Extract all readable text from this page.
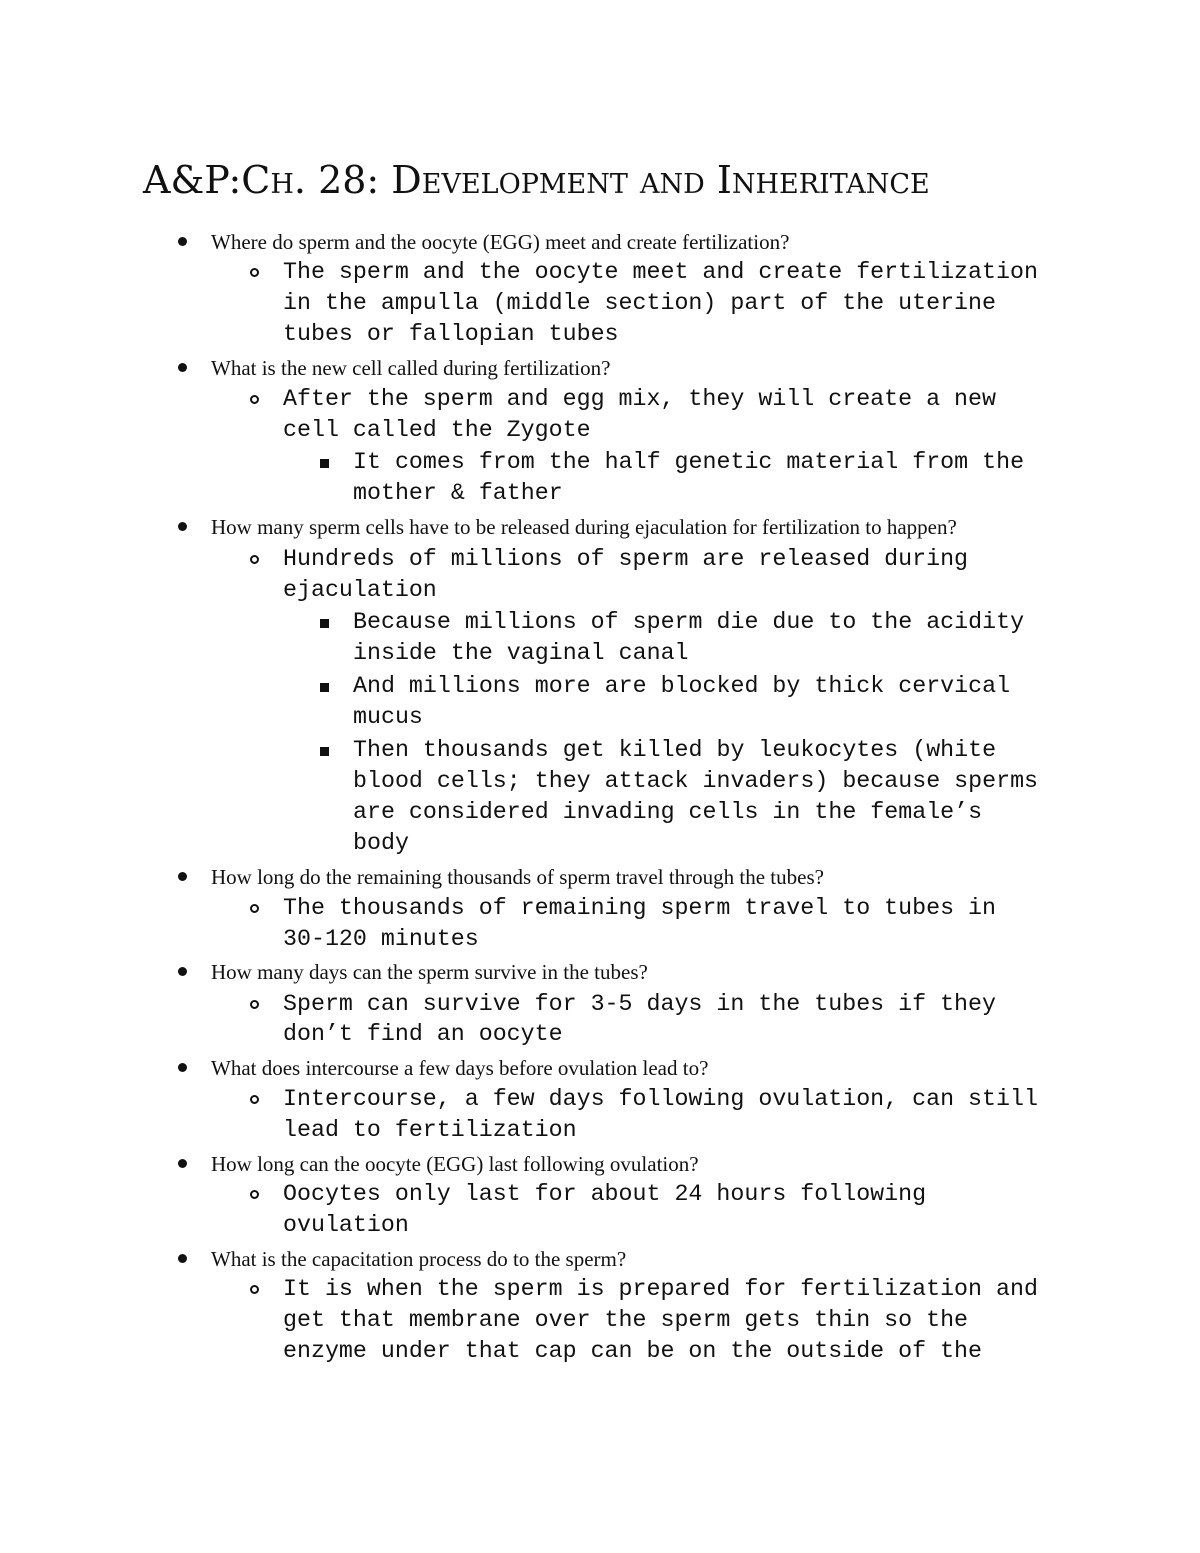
A&P:Ch. 28: Development and Inheritance

Where do sperm and the oocyte (EGG) meet and create fertilization?

The sperm and the oocyte meet and create fertilization

in the ampulla (middle section) part of the uterine

tubes or fallopian tubes

What is the new cell called during fertilization?

After the sperm and egg mix, they will create a new

cell called the Zygote

It comes from the half genetic material from the

mother & father

How many sperm cells have to be released during ejaculation for fertilization to happen?

Hundreds of millions of sperm are released during

ejaculation

Because millions of sperm die due to the acidity

inside the vaginal canal

And millions more are blocked by thick cervical

mucus

Then thousands get killed by leukocytes (white

blood cells; they attack invaders) because sperms

are considered invading cells in the female’s

body

How long do the remaining thousands of sperm travel through the tubes?

The thousands of remaining sperm travel to tubes in

30-120 minutes

How many days can the sperm survive in the tubes?

Sperm can survive for 3-5 days in the tubes if they

don’t find an oocyte

What does intercourse a few days before ovulation lead to?

Intercourse, a few days following ovulation, can still

lead to fertilization

How long can the oocyte (EGG) last following ovulation?

Oocytes only last for about 24 hours following

ovulation

What is the capacitation process do to the sperm?

It is when the sperm is prepared for fertilization and

get that membrane over the sperm gets thin so the

enzyme under that cap can be on the outside of the
